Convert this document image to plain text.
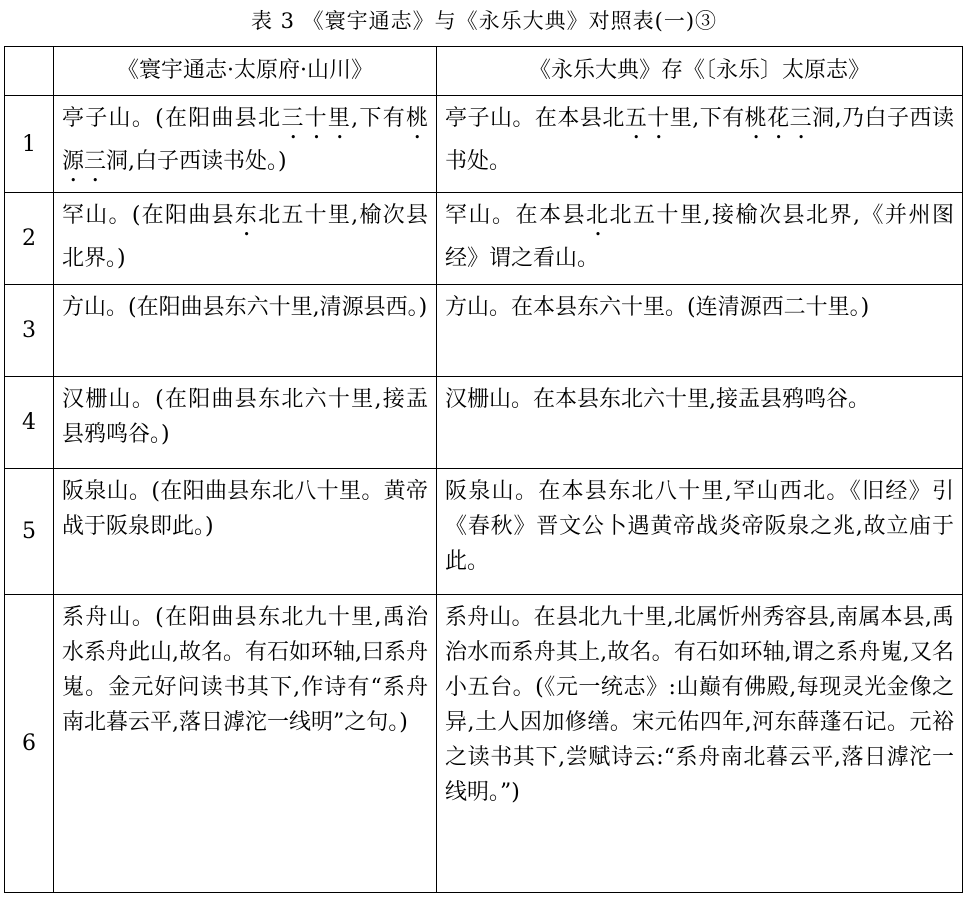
表 3 《寰宇通志》与《永乐大典》对照表(一)③
	《寰宇通志·太原府·山川》	《永乐大典》存《〔永乐〕太原志》
1	亭子山。(在阳曲县北三十里,下有桃源三洞,白子西读书处。)	亭子山。在本县北五十里,下有桃花三洞,乃白子西读书处。

2	罕山。(在阳曲县东北五十里,榆次县北界。)	罕山。在本县北北五十里,接榆次县北界,《并州图经》谓之看山。

3	方山。(在阳曲县东六十里,清源县西。)	方山。在本县东六十里。(连清源西二十里。)

4	汉栅山。(在阳曲县东北六十里,接盂县鸦鸣谷。)	汉栅山。在本县东北六十里,接盂县鸦鸣谷。

5	阪泉山。(在阳曲县东北八十里。黄帝战于阪泉即此。)	阪泉山。在本县东北八十里,罕山西北。《旧经》引《春秋》晋文公卜遇黄帝战炎帝阪泉之兆,故立庙于此。

6	系舟山。(在阳曲县东北九十里,禹治水系舟此山,故名。有石如环轴,曰系舟嵬。金元好问读书其下,作诗有“系舟南北暮云平,落日滹沱一线明”之句。)	系舟山。在县北九十里,北属忻州秀容县,南属本县,禹治水而系舟其上,故名。有石如环轴,谓之系舟嵬,又名小五台。(《元一统志》:山巅有佛殿,每现灵光金像之异,土人因加修缮。宋元佑四年,河东薛蓬石记。元裕之读书其下,尝赋诗云:“系舟南北暮云平,落日滹沱一线明。”)
